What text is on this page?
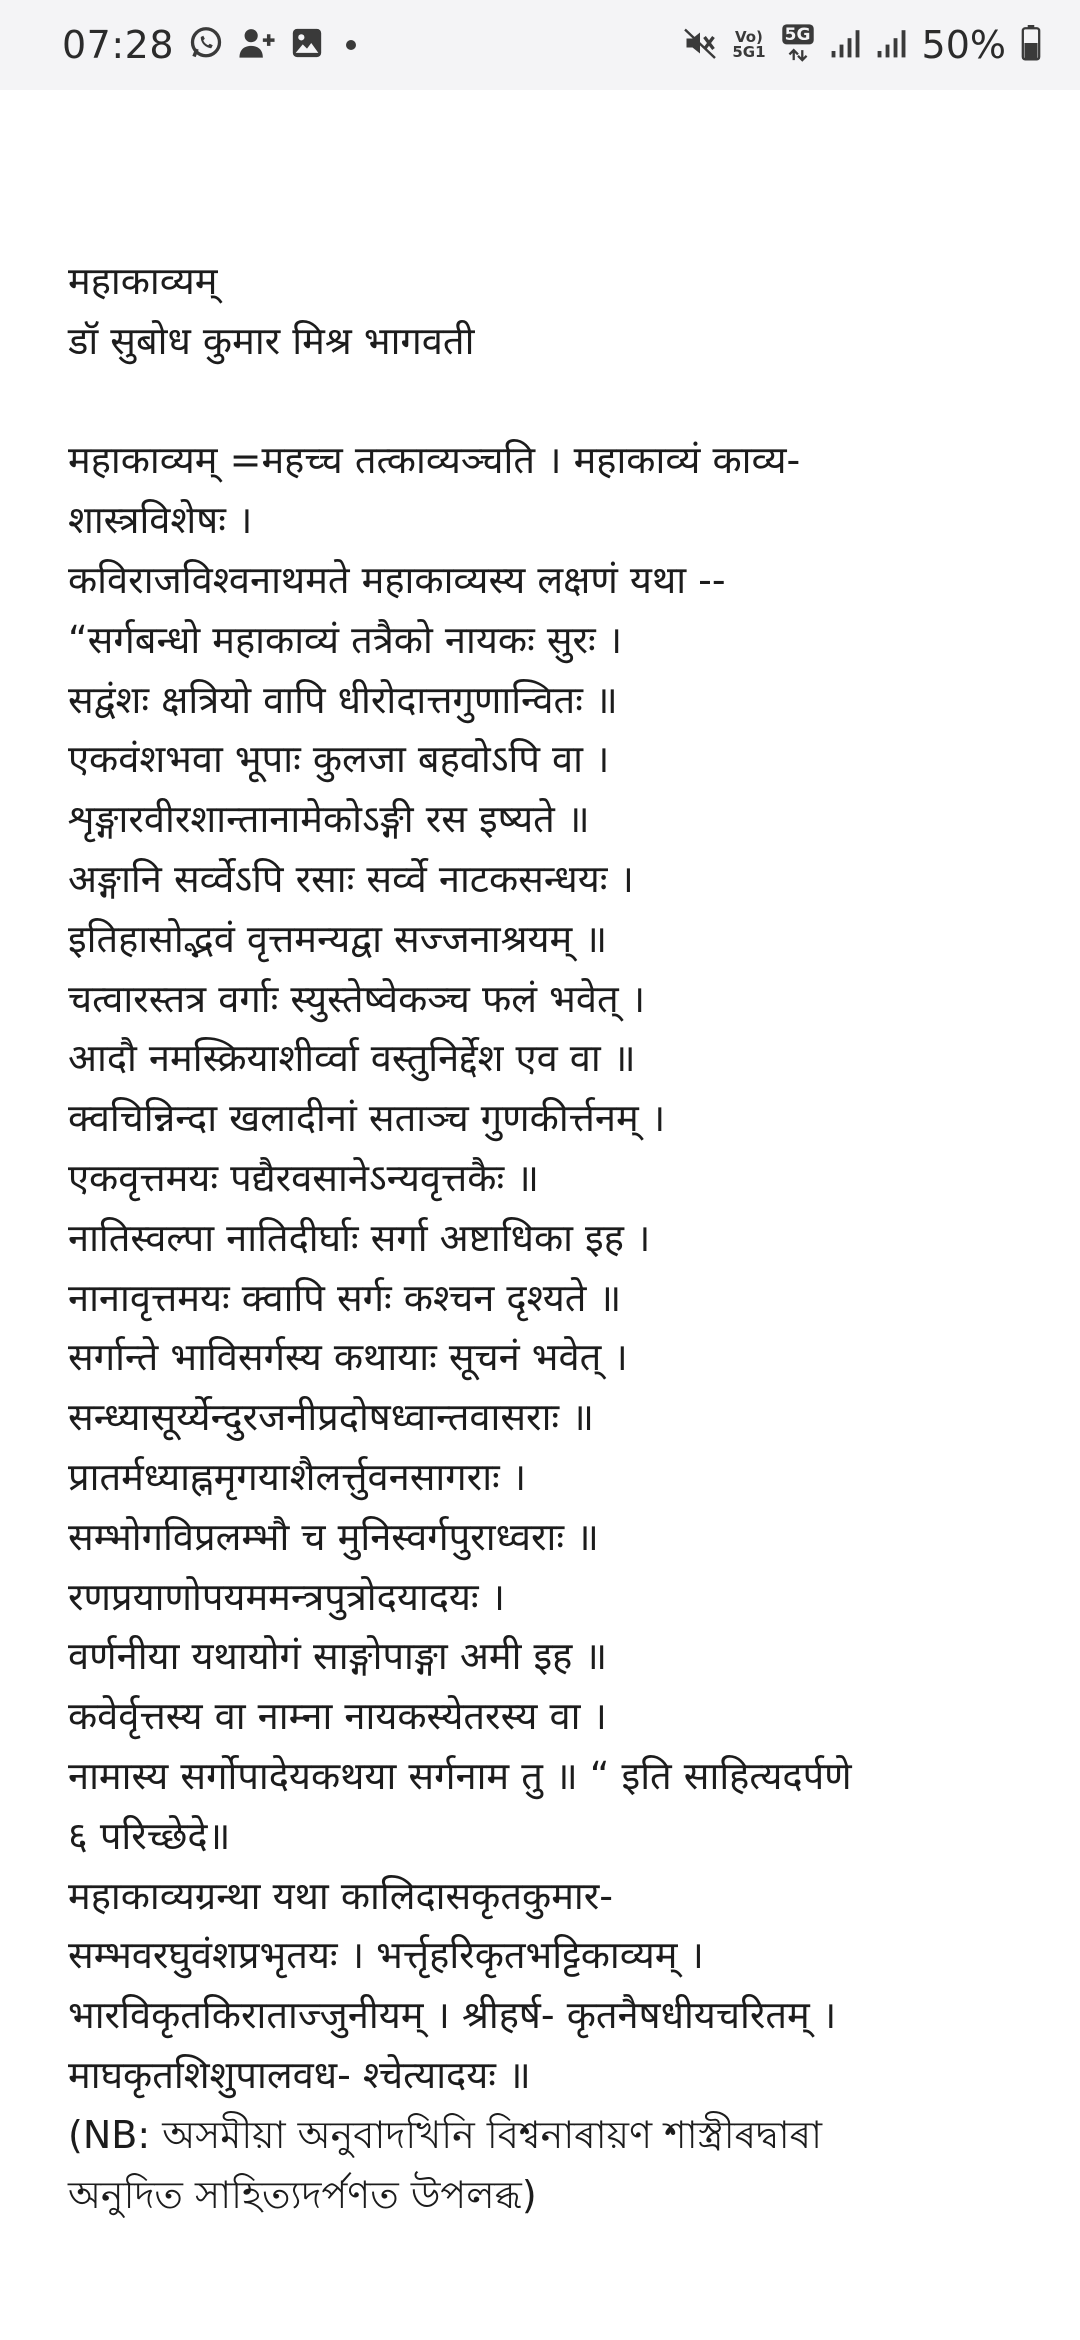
07:28	Vo)
5G1
5G	50%
महाकाव्यम्
डॉ सुबोध कुमार मिश्र भागवती
महाकाव्यम् =महच्च तत्काव्यञ्चति । महाकाव्यं काव्य-
शास्त्रविशेषः ।
कविराजविश्वनाथमते महाकाव्यस्य लक्षणं यथा --
“सर्गबन्धो महाकाव्यं तत्रैको नायकः सुरः ।
सद्वंशः क्षत्रियो वापि धीरोदात्तगुणान्वितः ॥
एकवंशभवा भूपाः कुलजा बहवोऽपि वा ।
शृङ्गारवीरशान्तानामेकोऽङ्गी रस इष्यते ॥
अङ्गानि सर्व्वेऽपि रसाः सर्व्वे नाटकसन्धयः ।
इतिहासोद्भवं वृत्तमन्यद्वा सज्जनाश्रयम् ॥
चत्वारस्तत्र वर्गाः स्युस्तेष्वेकञ्च फलं भवेत् ।
आदौ नमस्क्रियाशीर्व्वा वस्तुनिर्द्देश एव वा ॥
क्वचिन्निन्दा खलादीनां सताञ्च गुणकीर्त्तनम् ।
एकवृत्तमयः पद्यैरवसानेऽन्यवृत्तकैः ॥
नातिस्वल्पा नातिदीर्घाः सर्गा अष्टाधिका इह ।
नानावृत्तमयः क्वापि सर्गः कश्चन दृश्यते ॥
सर्गान्ते भाविसर्गस्य कथायाः सूचनं भवेत् ।
सन्ध्यासूर्य्येन्दुरजनीप्रदोषध्वान्तवासराः ॥
प्रातर्मध्याह्नमृगयाशैलर्त्तुवनसागराः ।
सम्भोगविप्रलम्भौ च मुनिस्वर्गपुराध्वराः ॥
रणप्रयाणोपयममन्त्रपुत्रोदयादयः ।
वर्णनीया यथायोगं साङ्गोपाङ्गा अमी इह ॥
कवेर्वृत्तस्य वा नाम्ना नायकस्येतरस्य वा ।
नामास्य सर्गोपादेयकथया सर्गनाम तु ॥ “ इति साहित्यदर्पणे
६ परिच्छेदे॥
महाकाव्यग्रन्था यथा कालिदासकृतकुमार-
सम्भवरघुवंशप्रभृतयः । भर्त्तृहरिकृतभट्टिकाव्यम् ।
भारविकृतकिराताज्जुनीयम् । श्रीहर्ष- कृतनैषधीयचरितम् ।
माघकृतशिशुपालवध- श्चेत्यादयः ॥
(NB: অসমীয়া অনুবাদখিনি বিশ্বনাৰায়ণ শাস্ত্ৰীৰদ্বাৰা
অনুদিত সাহিত্যদৰ্পণত উপলব্ধ)
